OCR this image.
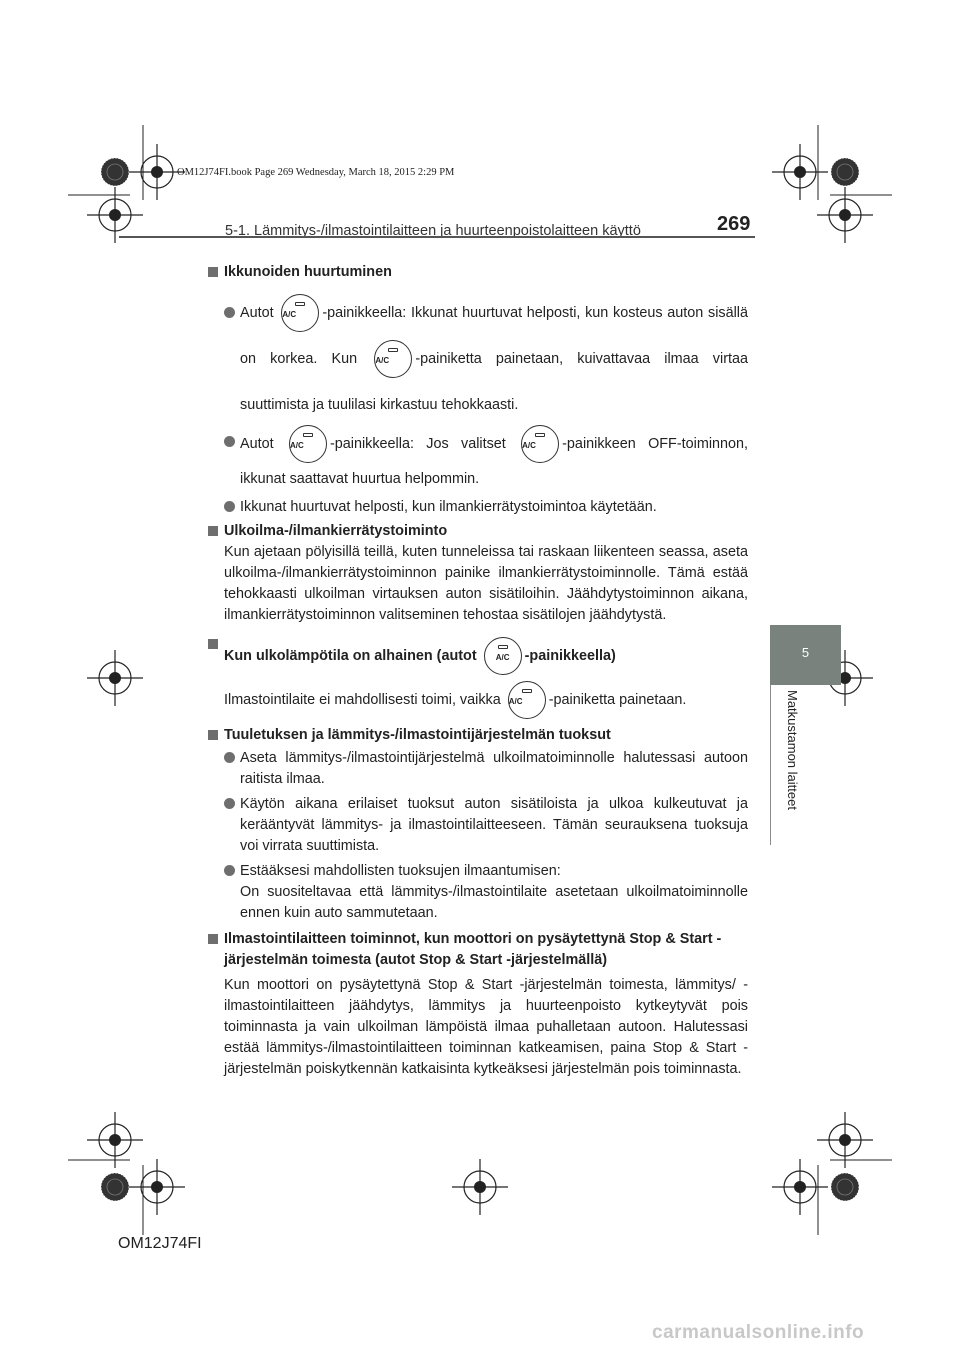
OM12J74FI.book Page 269 Wednesday, March 18, 2015 2:29 PM
5-1. Lämmitys-/ilmastointilaitteen ja huurteenpoistolaitteen käyttö	269
5
Matkustamon laitteet

Ikkunoiden huurtuminen

Autot A/C	-painikkeella: Ikkunat huurtuvat helposti, kun kosteus auton sisällä on korkea. Kun A/C	-painiketta painetaan, kuivattavaa ilmaa virtaa suuttimista ja tuulilasi kirkastuu tehokkaasti.

Autot A/C	-painikkeella: Jos valitset A/C	-painikkeen OFF-toiminnon, ikkunat saattavat huurtua helpommin.

Ikkunat huurtuvat helposti, kun ilmankierrätystoimintoa käytetään.

Ulkoilma-/ilmankierrätystoiminto

Kun ajetaan pölyisillä teillä, kuten tunneleissa tai raskaan liikenteen seassa, aseta ulkoilma-/ilmankierrätystoiminnon painike ilmankierrätystoiminnolle. Tämä estää tehokkaasti ulkoilman virtauksen auton sisätiloihin. Jäähdytystoiminnon aikana, ilmankierrätystoiminnon valitseminen tehostaa sisätilojen jäähdytystä.

Kun ulkolämpötila on alhainen (autot	A/C	-painikkeella)

Ilmastointilaite ei mahdollisesti toimi, vaikka A/C	-painiketta painetaan.

Tuuletuksen ja lämmitys-/ilmastointijärjestelmän tuoksut

Aseta lämmitys-/ilmastointijärjestelmä ulkoilmatoiminnolle halutessasi autoon raitista ilmaa.

Käytön aikana erilaiset tuoksut auton sisätiloista ja ulkoa kulkeutuvat ja kerääntyvät lämmitys- ja ilmastointilaitteeseen. Tämän seurauksena tuoksuja voi virrata suuttimista.

Estääksesi mahdollisten tuoksujen ilmaantumisen:
On suositeltavaa että lämmitys-/ilmastointilaite asetetaan ulkoilmatoiminnolle ennen kuin auto sammutetaan.

Ilmastointilaitteen toiminnot, kun moottori on pysäytettynä Stop & Start -järjestelmän toimesta (autot Stop & Start -järjestelmällä)

Kun moottori on pysäytettynä Stop & Start -järjestelmän toimesta, lämmitys/ -ilmastointilaitteen jäähdytys, lämmitys ja huurteenpoisto kytkeytyvät pois toiminnasta ja vain ulkoilman lämpöistä ilmaa puhalletaan autoon. Halutessasi estää lämmitys-/ilmastointilaitteen toiminnan katkeamisen, paina Stop & Start -järjestelmän poiskytkennän katkaisinta kytkeäksesi järjestelmän pois toiminnasta.

OM12J74FI
carmanualsonline.info
